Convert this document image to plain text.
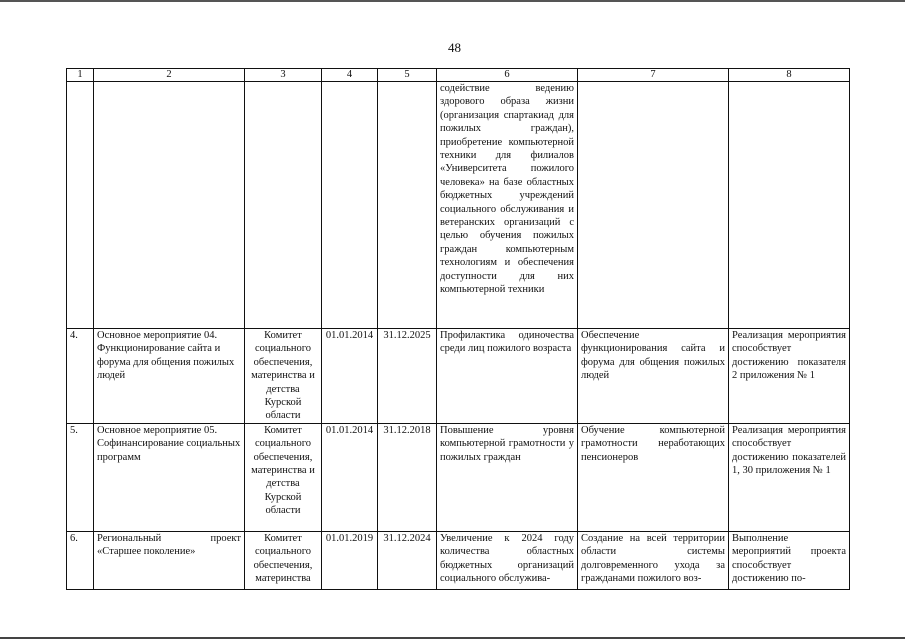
48
1	2	3	4	5	6	7	8
					содействие ведению здорового образа жизни (организация спартакиад для пожилых граждан), приобретение компьютерной техники для филиалов «Университета пожилого человека» на базе областных бюджетных учреждений социального обслуживания и ветеранских организаций с целью обучения пожилых граждан компьютерным технологиям и обеспечения доступности для них компьютерной техники		
4.	Основное мероприятие 04. Функционирование сайта и форума для общения пожилых людей	Комитет социального обеспечения, материнства и детства Курской области	01.01.2014	31.12.2025	Профилактика одиночества среди лиц пожилого возраста	Обеспечение функционирования сайта и форума для общения пожилых людей	Реализация мероприятия способствует достижению показателя 2 приложения № 1
5.	Основное мероприятие 05. Софинансирование социальных программ	Комитет социального обеспечения, материнства и детства Курской области	01.01.2014	31.12.2018	Повышение уровня компьютерной грамотности у пожилых граждан	Обучение компьютерной грамотности неработающих пенсионеров	Реализация мероприятия способствует достижению показателей 1, 30 приложения № 1
6.	Региональный проект «Старшее поколение»	Комитет социального обеспечения, материнства	01.01.2019	31.12.2024	Увеличение к 2024 году количества областных бюджетных организаций социального обслужива-	Создание на всей территории области системы долговременного ухода за гражданами пожилого воз-	Выполнение мероприятий проекта способствует достижению по-
